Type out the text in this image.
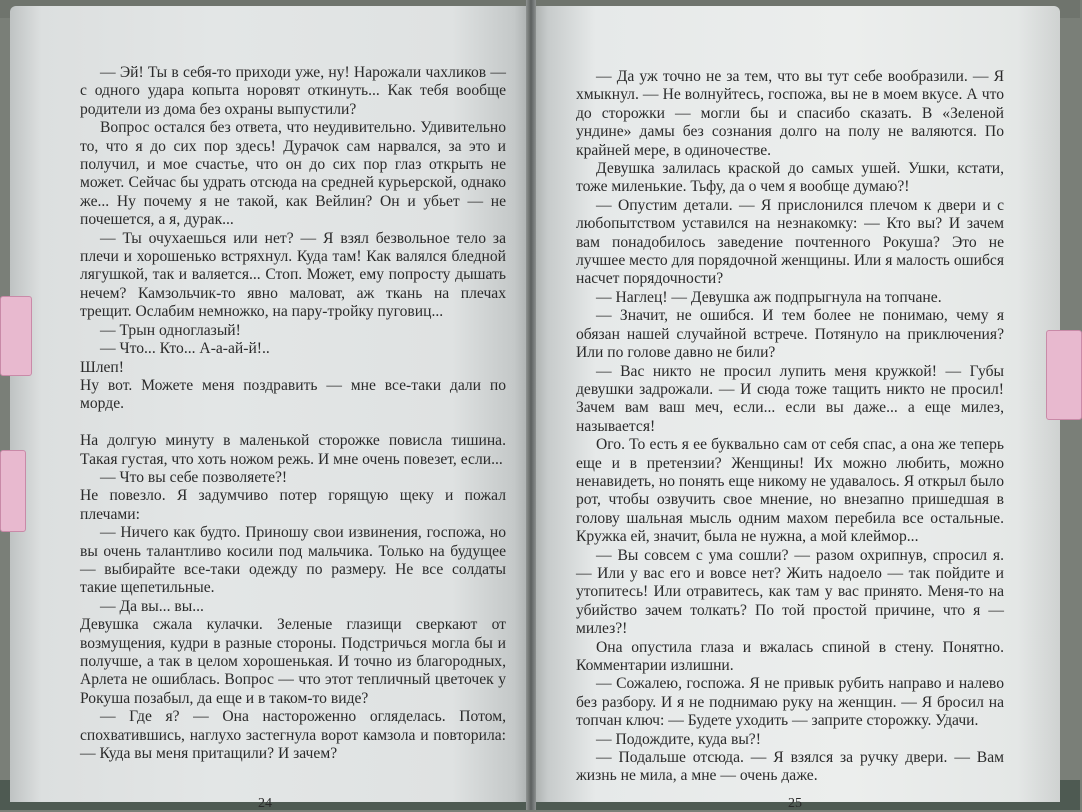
— Эй! Ты в себя-то приходи уже, ну! Нарожали чахликов — с одного удара копыта норовят откинуть... Как тебя вообще родители из дома без охраны выпустили?

Вопрос остался без ответа, что неудивительно. Удивительно то, что я до сих пор здесь! Дурачок сам нарвался, за это и получил, и мое счастье, что он до сих пор глаз открыть не может. Сейчас бы удрать отсюда на средней курьерской, однако же... Ну почему я не такой, как Вейлин? Он и убьет — не почешется, а я, дурак...

— Ты очухаешься или нет? — Я взял безвольное тело за плечи и хорошенько встряхнул. Куда там! Как валялся бледной лягушкой, так и валяется... Стоп. Может, ему попросту дышать нечем? Камзольчик-то явно маловат, аж ткань на плечах трещит. Ослабим немножко, на пару-тройку пуговиц...

— Трын одноглазый!

— Что... Кто... А-а-ай-й!..

Шлеп!

Ну вот. Можете меня поздравить — мне все-таки дали по морде.

На долгую минуту в маленькой сторожке повисла тишина. Такая густая, что хоть ножом режь. И мне очень повезет, если...

— Что вы себе позволяете?!

Не повезло. Я задумчиво потер горящую щеку и пожал плечами:

— Ничего как будто. Приношу свои извинения, госпожа, но вы очень талантливо косили под мальчика. Только на будущее — выбирайте все-таки одежду по размеру. Не все солдаты такие щепетильные.

— Да вы... вы...

Девушка сжала кулачки. Зеленые глазищи сверкают от возмущения, кудри в разные стороны. Подстричься могла бы и получше, а так в целом хорошенькая. И точно из благородных, Арлета не ошиблась. Вопрос — что этот тепличный цветочек у Рокуша позабыл, да еще и в таком-то виде?

— Где я? — Она настороженно огляделась. Потом, спохватившись, наглухо застегнула ворот камзола и повторила: — Куда вы меня притащили? И зачем?

24

— Да уж точно не за тем, что вы тут себе вообразили. — Я хмыкнул. — Не волнуйтесь, госпожа, вы не в моем вкусе. А что до сторожки — могли бы и спасибо сказать. В «Зеленой ундине» дамы без сознания долго на полу не валяются. По крайней мере, в одиночестве.

Девушка залилась краской до самых ушей. Ушки, кстати, тоже миленькие. Тьфу, да о чем я вообще думаю?!

— Опустим детали. — Я прислонился плечом к двери и с любопытством уставился на незнакомку: — Кто вы? И зачем вам понадобилось заведение почтенного Рокуша? Это не лучшее место для порядочной женщины. Или я малость ошибся насчет порядочности?

— Наглец! — Девушка аж подпрыгнула на топчане.

— Значит, не ошибся. И тем более не понимаю, чему я обязан нашей случайной встрече. Потянуло на приключения? Или по голове давно не били?

— Вас никто не просил лупить меня кружкой! — Губы девушки задрожали. — И сюда тоже тащить никто не просил! Зачем вам ваш меч, если... если вы даже... а еще милез, называется!

Ого. То есть я ее буквально сам от себя спас, а она же теперь еще и в претензии? Женщины! Их можно любить, можно ненавидеть, но понять еще никому не удавалось. Я открыл было рот, чтобы озвучить свое мнение, но внезапно пришедшая в голову шальная мысль одним махом перебила все остальные. Кружка ей, значит, была не нужна, а мой клеймор...

— Вы совсем с ума сошли? — разом охрипнув, спросил я. — Или у вас его и вовсе нет? Жить надоело — так пойдите и утопитесь! Или отравитесь, как там у вас принято. Меня-то на убийство зачем толкать? По той простой причине, что я — милез?!

Она опустила глаза и вжалась спиной в стену. Понятно. Комментарии излишни.

— Сожалею, госпожа. Я не привык рубить направо и налево без разбору. И я не поднимаю руку на женщин. — Я бросил на топчан ключ: — Будете уходить — заприте сторожку. Удачи.

— Подождите, куда вы?!

— Подальше отсюда. — Я взялся за ручку двери. — Вам жизнь не мила, а мне — очень даже.

25
